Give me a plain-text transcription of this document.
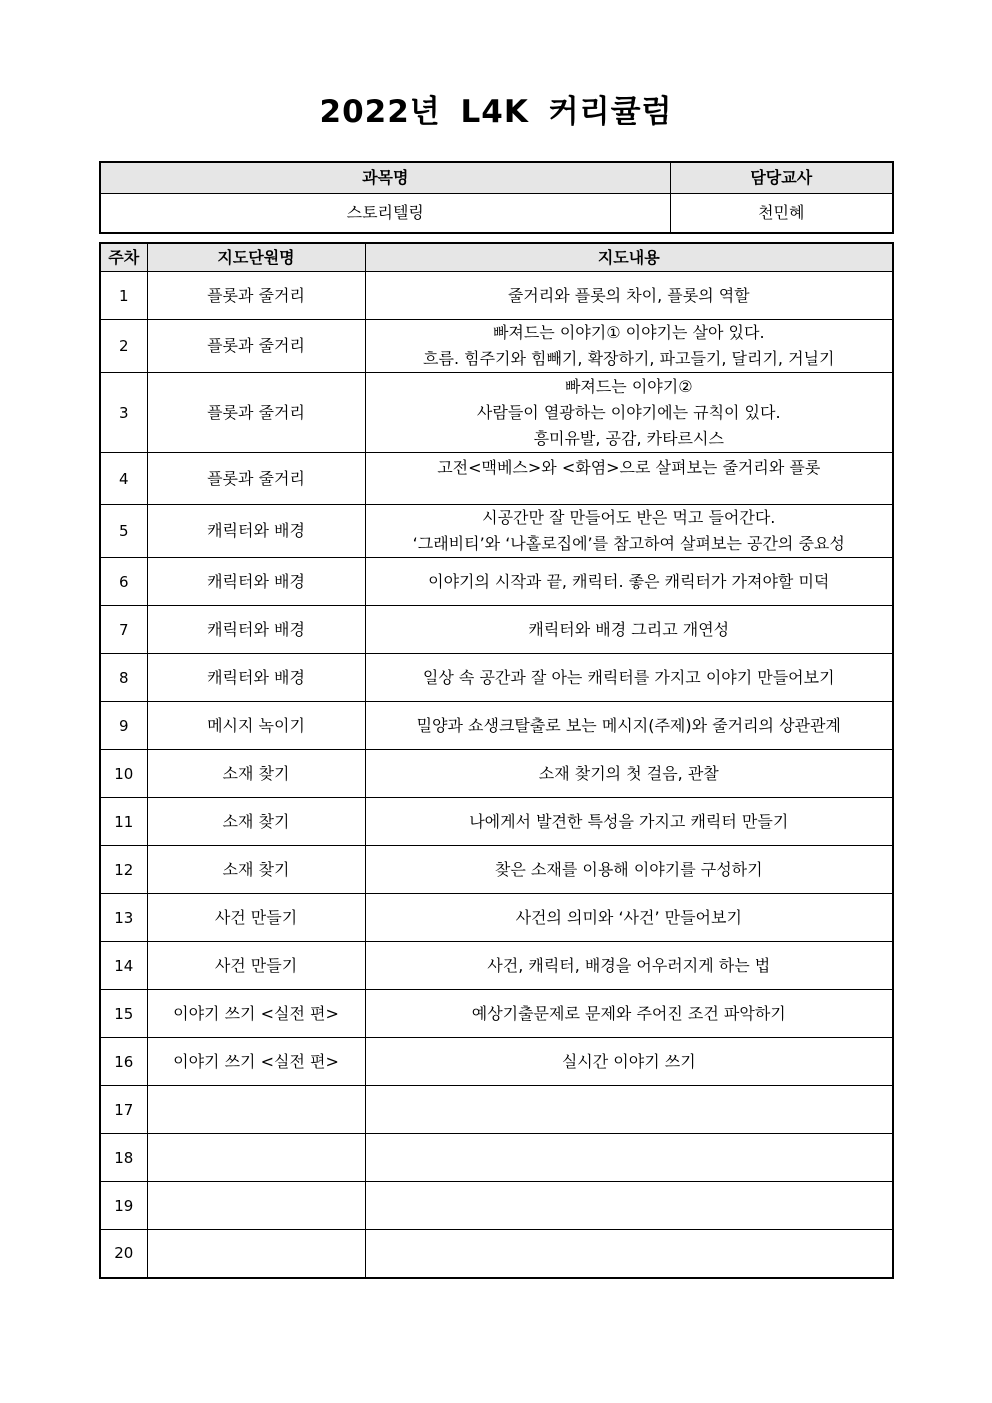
2022년 L4K 커리큘럼
과목명	담당교사
스토리텔링	천민혜
주차	지도단원명	지도내용
1	플롯과 줄거리	줄거리와 플롯의 차이, 플롯의 역할

2	플롯과 줄거리	빠져드는 이야기① 이야기는 살아 있다.
흐름. 힘주기와 힘빼기, 확장하기, 파고들기, 달리기, 거닐기

3	플롯과 줄거리	빠져드는 이야기②
사람들이 열광하는 이야기에는 규칙이 있다.
흥미유발, 공감, 카타르시스

4	플롯과 줄거리	고전<맥베스>와 <화염>으로 살펴보는 줄거리와 플롯

5	캐릭터와 배경	시공간만 잘 만들어도 반은 먹고 들어간다.
‘그래비티’와 ‘나홀로집에’를 참고하여 살펴보는 공간의 중요성

6	캐릭터와 배경	이야기의 시작과 끝, 캐릭터. 좋은 캐릭터가 가져야할 미덕

7	캐릭터와 배경	캐릭터와 배경 그리고 개연성

8	캐릭터와 배경	일상 속 공간과 잘 아는 캐릭터를 가지고 이야기 만들어보기

9	메시지 녹이기	밀양과 쇼생크탈출로 보는 메시지(주제)와 줄거리의 상관관계

10	소재 찾기	소재 찾기의 첫 걸음, 관찰

11	소재 찾기	나에게서 발견한 특성을 가지고 캐릭터 만들기

12	소재 찾기	찾은 소재를 이용해 이야기를 구성하기

13	사건 만들기	사건의 의미와 ‘사건’ 만들어보기

14	사건 만들기	사건, 캐릭터, 배경을 어우러지게 하는 법

15	이야기 쓰기 <실전 편>	예상기출문제로 문제와 주어진 조건 파악하기

16	이야기 쓰기 <실전 편>	실시간 이야기 쓰기

17		

18		

19		

20		
